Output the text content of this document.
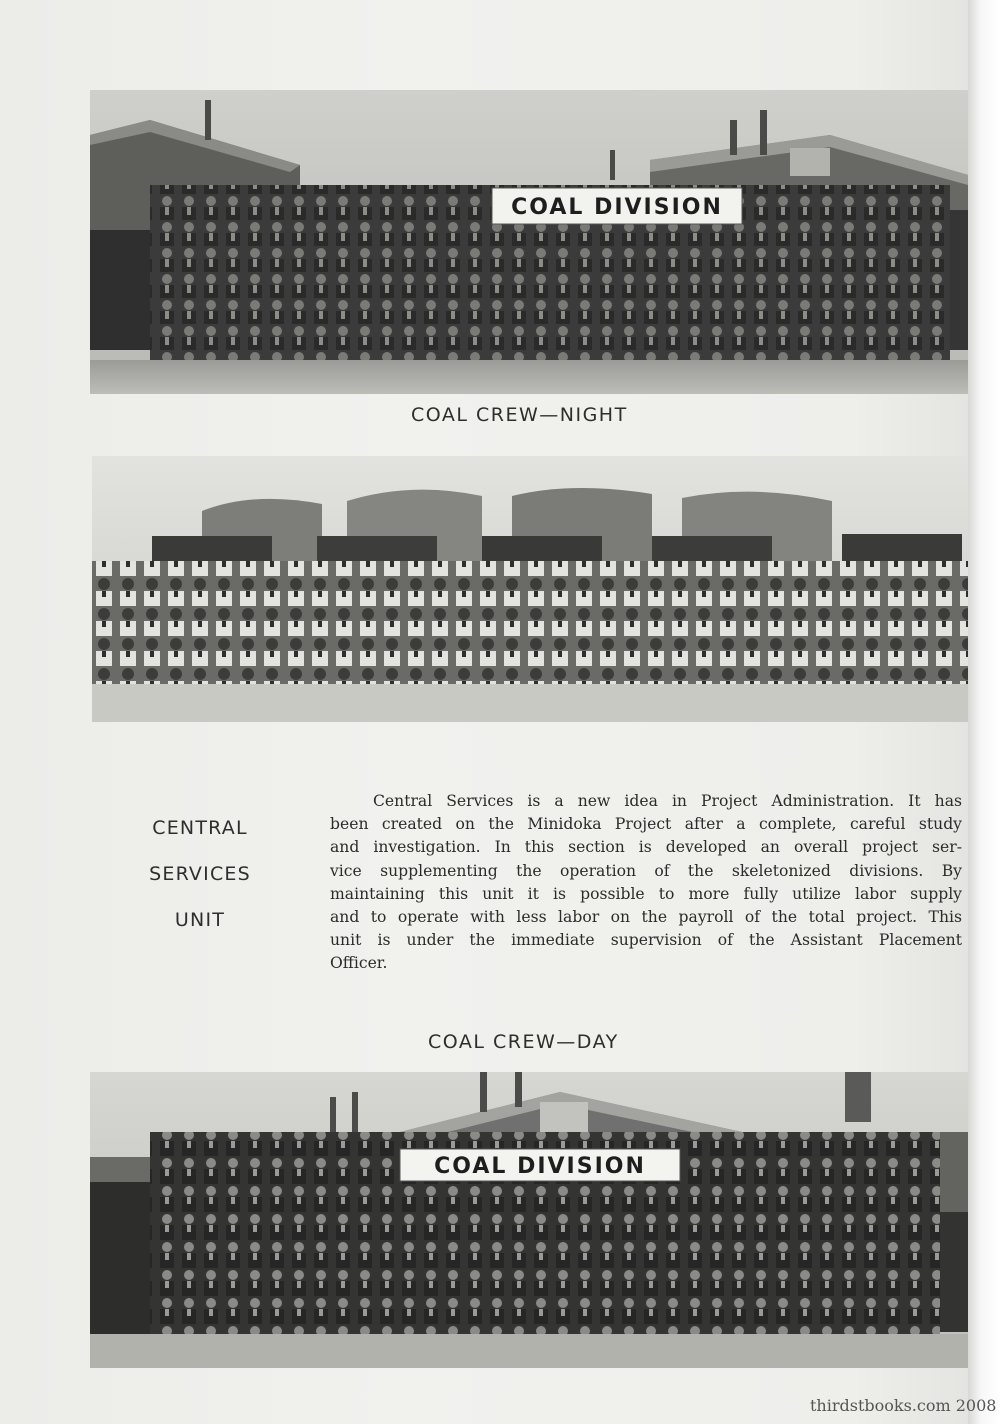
COAL DIVISION
COAL CREW—NIGHT
CENTRAL
SERVICES
UNIT
Central Services is a new idea in Project Administration. It has
been created on the Minidoka Project after a complete, careful study
and investigation. In this section is developed an overall project ser-
vice supplementing the operation of the skeletonized divisions. By
maintaining this unit it is possible to more fully utilize labor supply
and to operate with less labor on the payroll of the total project. This
unit is under the immediate supervision of the Assistant Placement
Officer.
COAL CREW—DAY
COAL DIVISION
thirdstbooks.com 2008
